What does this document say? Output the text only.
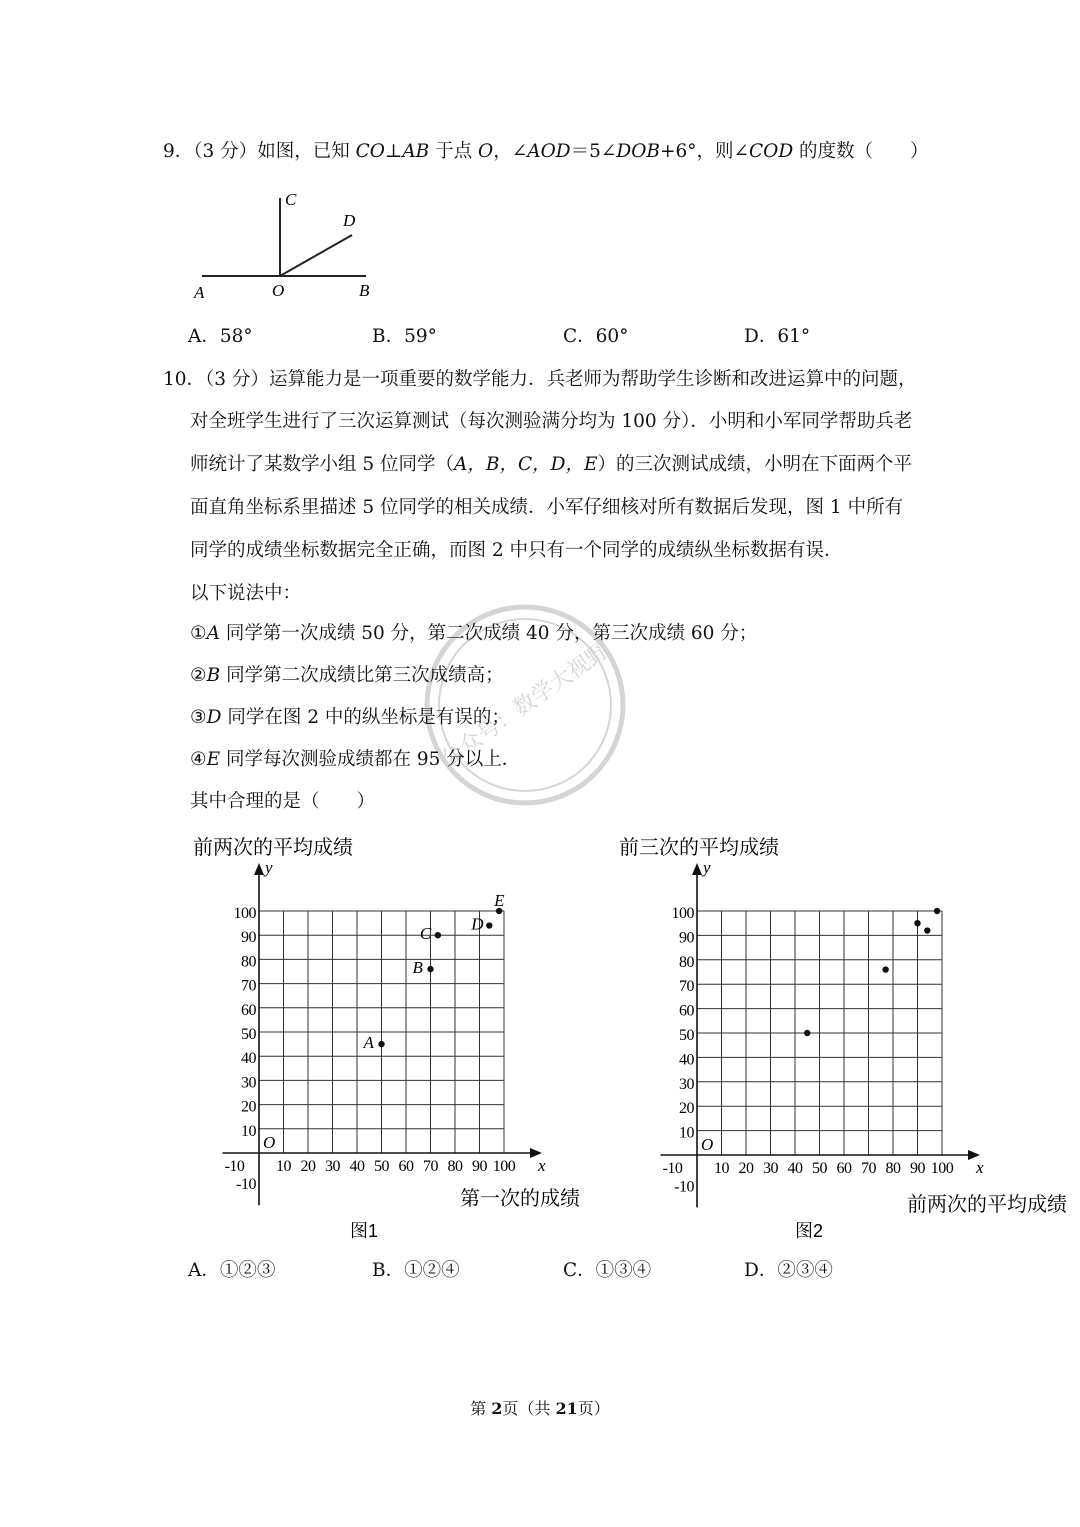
9．（3 分）如图，已知 CO⊥AB 于点 O，∠AOD＝5∠DOB+6°，则∠COD 的度数（　　）
A	O	B
C
D
A．58°	B．59°	C．60°	D．61°
10．（3 分）运算能力是一项重要的数学能力．兵老师为帮助学生诊断和改进运算中的问题，
对全班学生进行了三次运算测试（每次测验满分均为 100 分）．小明和小军同学帮助兵老
师统计了某数学小组 5 位同学（A，B，C，D，E）的三次测试成绩，小明在下面两个平
面直角坐标系里描述 5 位同学的相关成绩．小军仔细核对所有数据后发现，图 1 中所有
同学的成绩坐标数据完全正确，而图 2 中只有一个同学的成绩纵坐标数据有误．
以下说法中：
①A 同学第一次成绩 50 分，第二次成绩 40 分，第三次成绩 60 分；
②B 同学第二次成绩比第三次成绩高；
③D 同学在图 2 中的纵坐标是有误的；
④E 同学每次测验成绩都在 95 分以上．
其中合理的是（　　）
公众号：数学大视野
前两次的平均成绩
第一次的成绩
图1
x
y
O
-10 10 20 30 40 50 60 70 80 90 100
-10
10
20
30
40
50
60
70
80
90
100
A
B
C
D
E
前三次的平均成绩
前两次的平均成绩
图2
x
y
O
-10 10 20 30 40 50 60 70 80 90 100
-10
10
20
30
40
50
60
70
80
90
100
A．①②③	B．①②④	C．①③④	D．②③④
第 2页（共 21页）
